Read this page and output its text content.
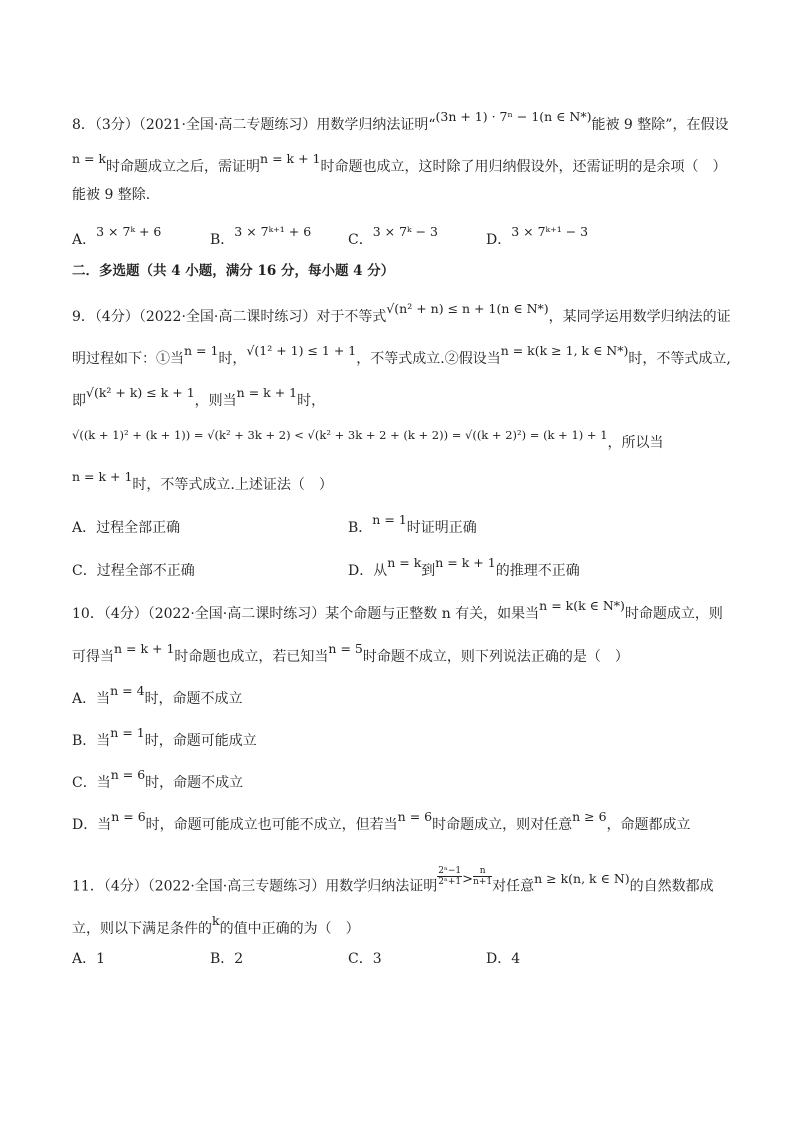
8．（3分）（2021·全国·高二专题练习）用数学归纳法证明“(3n + 1) · 7ⁿ − 1(n ∈ N*)能被 9 整除”，在假设
n = k时命题成立之后，需证明n = k + 1时命题也成立，这时除了用归纳假设外，还需证明的是余项（　）
能被 9 整除.
A．3 × 7ᵏ + 6
B．3 × 7ᵏ⁺¹ + 6
C．3 × 7ᵏ − 3
D．3 × 7ᵏ⁺¹ − 3
二．多选题（共 4 小题，满分 16 分，每小题 4 分）
9．（4分）（2022·全国·高二课时练习）对于不等式√(n² + n) ≤ n + 1(n ∈ N*)，某同学运用数学归纳法的证
明过程如下：①当n = 1时，√(1² + 1) ≤ 1 + 1，不等式成立.②假设当n = k(k ≥ 1, k ∈ N*)时，不等式成立,
即√(k² + k) ≤ k + 1，则当n = k + 1时，
$^{√((k + 1)^2 + (k + 1)) = √(k^2 + 3k + 2) < √(k^2 + 3k + 2 + (k + 2)) = √((k + 2)^2) = (k + 1) + 1}$，所以当
n = k + 1时，不等式成立.上述证法（　）
A．过程全部正确	B．n = 1时证明正确
C．过程全部不正确	D．从n = k到n = k + 1的推理不正确
10．（4分）（2022·全国·高二课时练习）某个命题与正整数 n 有关，如果当n = k(k ∈ N*)时命题成立，则
可得当n = k + 1时命题也成立，若已知当n = 5时命题不成立，则下列说法正确的是（　）
A．当n = 4时，命题不成立
B．当n = 1时，命题可能成立
C．当n = 6时，命题不成立
D．当n = 6时，命题可能成立也可能不成立，但若当n = 6时命题成立，则对任意n ≥ 6，命题都成立
11．（4分）（2022·全国·高三专题练习）用数学归纳法证明 $\frac{\text{2ⁿ−1}}{\text{2ⁿ+1}} > \frac{n}{n+1}$ 对任意n ≥ k(n, k ∈ N)的自然数都成
立，则以下满足条件的k的值中正确的为（　）
A．1	B．2	C．3	D．4
